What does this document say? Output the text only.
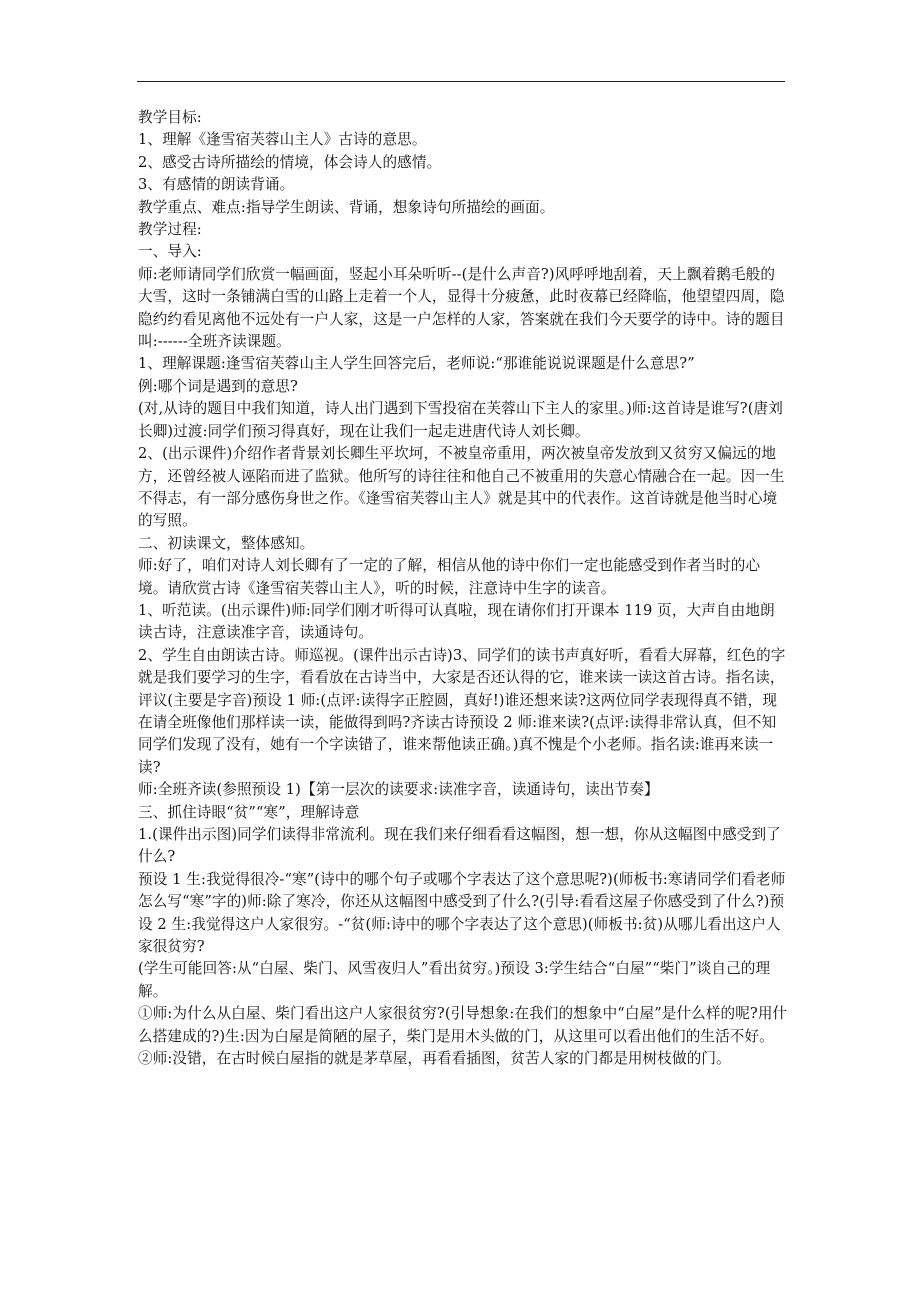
教学目标:

1、理解《逢雪宿芙蓉山主人》古诗的意思。

2、感受古诗所描绘的情境，体会诗人的感情。

3、有感情的朗读背诵。

教学重点、难点:指导学生朗读、背诵，想象诗句所描绘的画面。

教学过程:

一、导入:

师:老师请同学们欣赏一幅画面，竖起小耳朵听听--(是什么声音?)风呼呼地刮着，天上飘着鹅毛般的大雪，这时一条铺满白雪的山路上走着一个人，显得十分疲惫，此时夜幕已经降临，他望望四周，隐隐约约看见离他不远处有一户人家，这是一户怎样的人家，答案就在我们今天要学的诗中。诗的题目叫:------全班齐读课题。

1、理解课题:逢雪宿芙蓉山主人学生回答完后，老师说:“那谁能说说课题是什么意思?”

例:哪个词是遇到的意思?

(对,从诗的题目中我们知道，诗人出门遇到下雪投宿在芙蓉山下主人的家里。)师:这首诗是谁写?(唐刘长卿)过渡:同学们预习得真好，现在让我们一起走进唐代诗人刘长卿。

2、(出示课件)介绍作者背景刘长卿生平坎坷，不被皇帝重用，两次被皇帝发放到又贫穷又偏远的地方，还曾经被人诬陷而进了监狱。他所写的诗往往和他自己不被重用的失意心情融合在一起。因一生不得志，有一部分感伤身世之作。《逢雪宿芙蓉山主人》就是其中的代表作。这首诗就是他当时心境的写照。

二、初读课文，整体感知。

师:好了，咱们对诗人刘长卿有了一定的了解，相信从他的诗中你们一定也能感受到作者当时的心境。请欣赏古诗《逢雪宿芙蓉山主人》，听的时候，注意诗中生字的读音。

1、听范读。(出示课件)师:同学们刚才听得可认真啦，现在请你们打开课本 119 页，大声自由地朗读古诗，注意读准字音，读通诗句。

2、学生自由朗读古诗。师巡视。(课件出示古诗)3、同学们的读书声真好听，看看大屏幕，红色的字就是我们要学习的生字，看看放在古诗当中，大家是否还认得的它，谁来读一读这首古诗。指名读，评议(主要是字音)预设 1 师:(点评:读得字正腔圆，真好!)谁还想来读?这两位同学表现得真不错，现在请全班像他们那样读一读，能做得到吗?齐读古诗预设 2 师:谁来读?(点评:读得非常认真，但不知同学们发现了没有，她有一个字读错了，谁来帮他读正确。)真不愧是个小老师。指名读:谁再来读一读?

师:全班齐读(参照预设 1)【第一层次的读要求:读准字音，读通诗句，读出节奏】

三、抓住诗眼“贫”“寒”，理解诗意

1.(课件出示图)同学们读得非常流利。现在我们来仔细看看这幅图，想一想，你从这幅图中感受到了什么?

预设 1 生:我觉得很冷-“寒”(诗中的哪个句子或哪个字表达了这个意思呢?)(师板书:寒请同学们看老师怎么写“寒”字的)师:除了寒冷，你还从这幅图中感受到了什么?(引导:看看这屋子你感受到了什么?)预设 2 生:我觉得这户人家很穷。-“贫(师:诗中的哪个字表达了这个意思)(师板书:贫)从哪儿看出这户人家很贫穷?

(学生可能回答:从“白屋、柴门、风雪夜归人”看出贫穷。)预设 3:学生结合“白屋”“柴门”谈自己的理解。

①师:为什么从白屋、柴门看出这户人家很贫穷?(引导想象:在我们的想象中“白屋”是什么样的呢?用什么搭建成的?)生:因为白屋是简陋的屋子，柴门是用木头做的门，从这里可以看出他们的生活不好。

②师:没错，在古时候白屋指的就是茅草屋，再看看插图，贫苦人家的门都是用树枝做的门。
